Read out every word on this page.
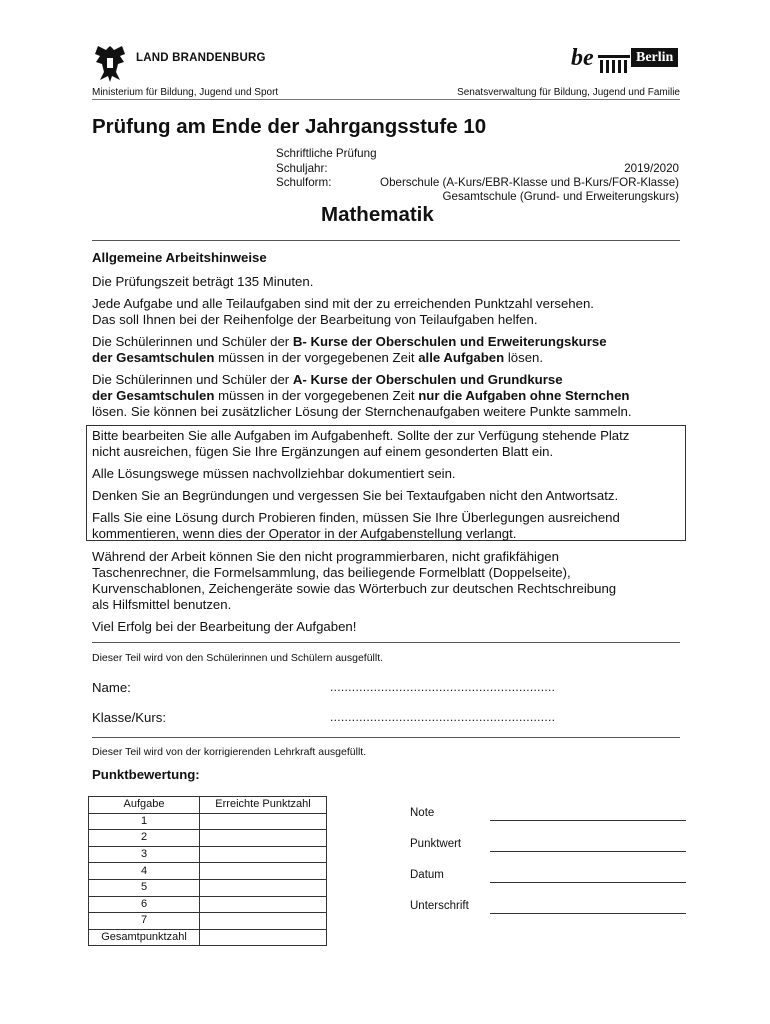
LAND BRANDENBURG
Ministerium für Bildung, Jugend und Sport
be	Berlin
Senatsverwaltung für Bildung, Jugend und Familie
Prüfung am Ende der Jahrgangsstufe 10
Schriftliche Prüfung
Schuljahr:	2019/2020
Schulform:	Oberschule (A-Kurs/EBR-Klasse und B-Kurs/FOR-Klasse)
Gesamtschule (Grund- und Erweiterungskurs)
Mathematik
Allgemeine Arbeitshinweise
Die Prüfungszeit beträgt 135 Minuten.
Jede Aufgabe und alle Teilaufgaben sind mit der zu erreichenden Punktzahl versehen.
Das soll Ihnen bei der Reihenfolge der Bearbeitung von Teilaufgaben helfen.
Die Schülerinnen und Schüler der B- Kurse der Oberschulen und Erweiterungskurse
der Gesamtschulen müssen in der vorgegebenen Zeit alle Aufgaben lösen.
Die Schülerinnen und Schüler der A- Kurse der Oberschulen und Grundkurse
der Gesamtschulen müssen in der vorgegebenen Zeit nur die Aufgaben ohne Sternchen
lösen. Sie können bei zusätzlicher Lösung der Sternchenaufgaben weitere Punkte sammeln.
Bitte bearbeiten Sie alle Aufgaben im Aufgabenheft. Sollte der zur Verfügung stehende Platz
nicht ausreichen, fügen Sie Ihre Ergänzungen auf einem gesonderten Blatt ein.
Alle Lösungswege müssen nachvollziehbar dokumentiert sein.
Denken Sie an Begründungen und vergessen Sie bei Textaufgaben nicht den Antwortsatz.
Falls Sie eine Lösung durch Probieren finden, müssen Sie Ihre Überlegungen ausreichend
kommentieren, wenn dies der Operator in der Aufgabenstellung verlangt.
Während der Arbeit können Sie den nicht programmierbaren, nicht grafikfähigen
Taschenrechner, die Formelsammlung, das beiliegende Formelblatt (Doppelseite),
Kurvenschablonen, Zeichengeräte sowie das Wörterbuch zur deutschen Rechtschreibung
als Hilfsmittel benutzen.
Viel Erfolg bei der Bearbeitung der Aufgaben!
Dieser Teil wird von den Schülerinnen und Schülern ausgefüllt.
Name:	..............................................................
Klasse/Kurs:	..............................................................
Dieser Teil wird von der korrigierenden Lehrkraft ausgefüllt.
Punktbewertung:
Aufgabe	Erreichte Punktzahl
1	
2	
3	
4	
5	
6	
7	
Gesamtpunktzahl	
Note
Punktwert
Datum
Unterschrift
